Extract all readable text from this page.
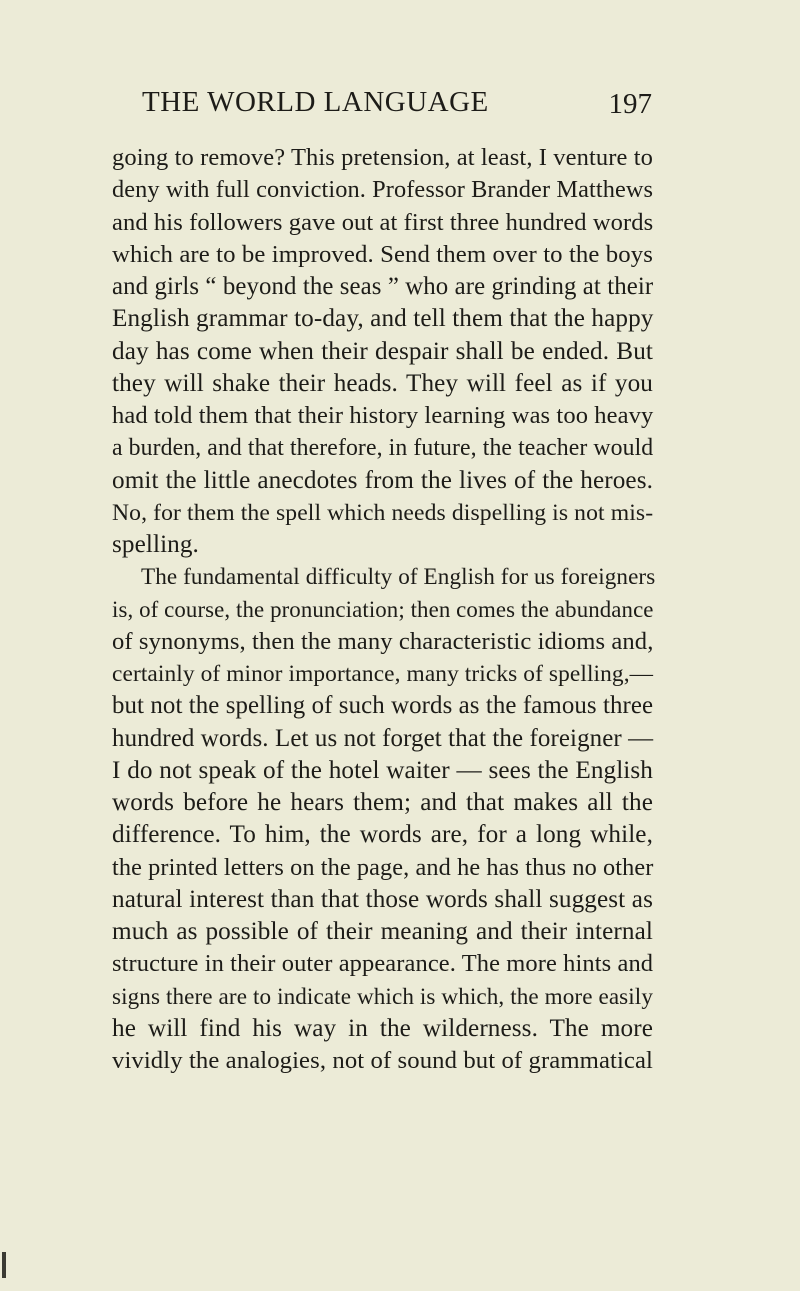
THE WORLD LANGUAGE	197
going to remove? This pretension, at least, I venture to
deny with full conviction. Professor Brander Matthews
and his followers gave out at first three hundred words
which are to be improved. Send them over to the boys
and girls “ beyond the seas ” who are grinding at their
English grammar to-day, and tell them that the happy
day has come when their despair shall be ended. But
they will shake their heads. They will feel as if you
had told them that their history learning was too heavy
a burden, and that therefore, in future, the teacher would
omit the little anecdotes from the lives of the heroes.
No, for them the spell which needs dispelling is not mis-
spelling.
The fundamental difficulty of English for us foreigners
is, of course, the pronunciation; then comes the abundance
of synonyms, then the many characteristic idioms and,
certainly of minor importance, many tricks of spelling,—
but not the spelling of such words as the famous three
hundred words. Let us not forget that the foreigner —
I do not speak of the hotel waiter — sees the English
words before he hears them; and that makes all the
difference. To him, the words are, for a long while,
the printed letters on the page, and he has thus no other
natural interest than that those words shall suggest as
much as possible of their meaning and their internal
structure in their outer appearance. The more hints and
signs there are to indicate which is which, the more easily
he will find his way in the wilderness. The more
vividly the analogies, not of sound but of grammatical
